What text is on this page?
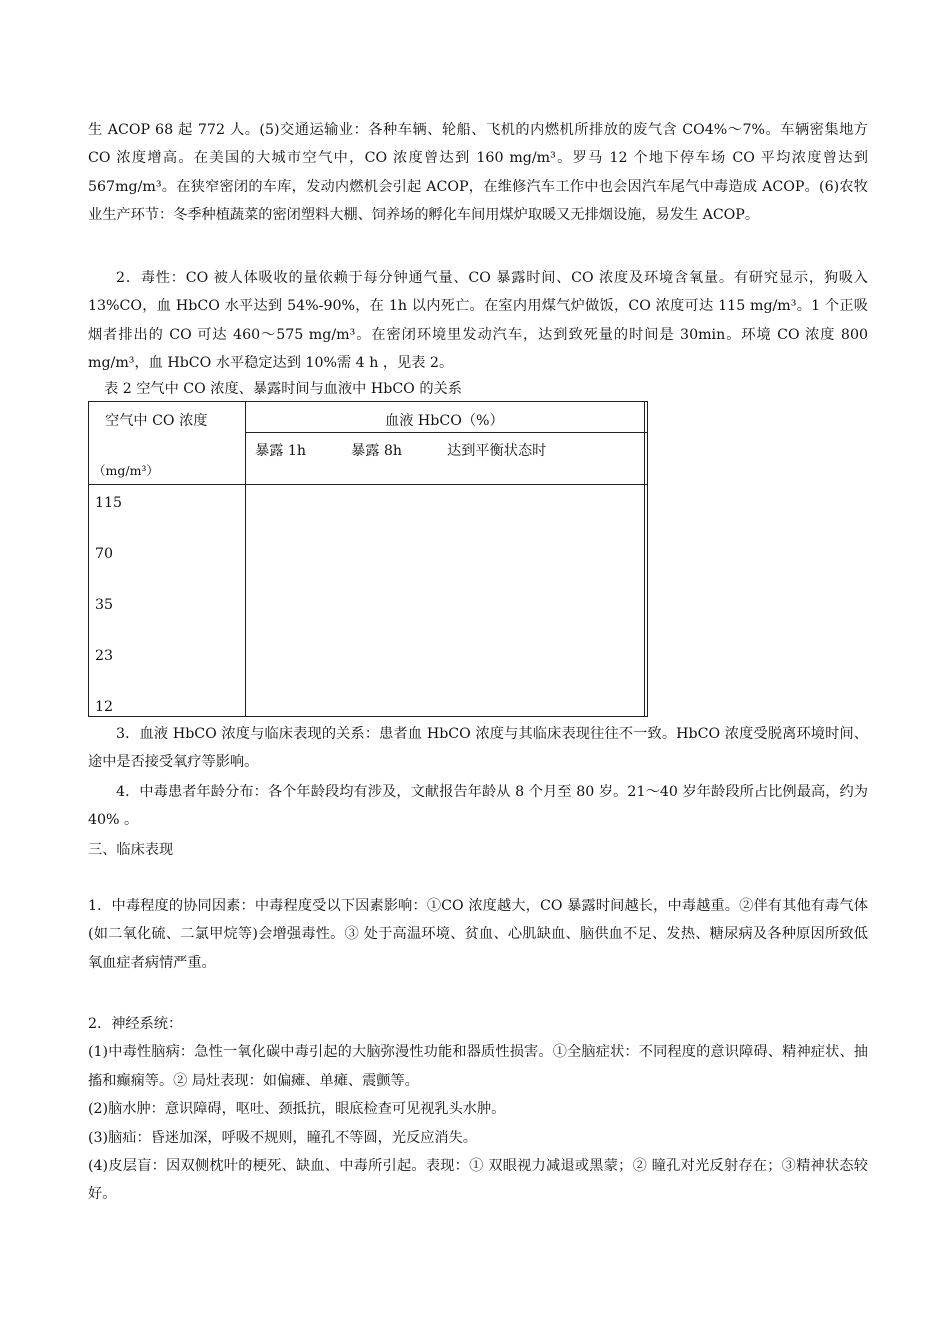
生 ACOP 68 起 772 人。(5)交通运输业：各种车辆、轮船、飞机的内燃机所排放的废气含 CO4%～7%。车辆密集地方 CO 浓度增高。在美国的大城市空气中，CO 浓度曾达到 160 mg/m³。罗马 12 个地下停车场 CO 平均浓度曾达到 567mg/m³。在狭窄密闭的车库，发动内燃机会引起 ACOP，在维修汽车工作中也会因汽车尾气中毒造成 ACOP。(6)农牧业生产环节：冬季种植蔬菜的密闭塑料大棚、饲养场的孵化车间用煤炉取暖又无排烟设施，易发生 ACOP。

2．毒性：CO 被人体吸收的量依赖于每分钟通气量、CO 暴露时间、CO 浓度及环境含氧量。有研究显示，狗吸入 13%CO，血 HbCO 水平达到 54%-90%，在 1h 以内死亡。在室内用煤气炉做饭，CO 浓度可达 115 mg/m³。1 个正吸烟者排出的 CO 可达 460～575 mg/m³。在密闭环境里发动汽车，达到致死量的时间是 30min。环境 CO 浓度 800 mg/m³，血 HbCO 水平稳定达到 10%需 4 h ，见表 2。

表 2 空气中 CO 浓度、暴露时间与血液中 HbCO 的关系
空气中 CO 浓度
（mg/m³）
血液 HbCO（%）
暴露 1h	暴露 8h	达到平衡状态时
115
70
35
23
12

3．血液 HbCO 浓度与临床表现的关系：患者血 HbCO 浓度与其临床表现往往不一致。HbCO 浓度受脱离环境时间、途中是否接受氧疗等影响。

4．中毒患者年龄分布：各个年龄段均有涉及，文献报告年龄从 8 个月至 80 岁。21～40 岁年龄段所占比例最高，约为 40% 。

三、临床表现

1．中毒程度的协同因素：中毒程度受以下因素影响：①CO 浓度越大，CO 暴露时间越长，中毒越重。②伴有其他有毒气体(如二氧化硫、二氯甲烷等)会增强毒性。③ 处于高温环境、贫血、心肌缺血、脑供血不足、发热、糖尿病及各种原因所致低氧血症者病情严重。

2．神经系统：

(1)中毒性脑病：急性一氧化碳中毒引起的大脑弥漫性功能和器质性损害。①全脑症状：不同程度的意识障碍、精神症状、抽搐和癫痫等。② 局灶表现：如偏瘫、单瘫、震颤等。

(2)脑水肿：意识障碍，呕吐、颈抵抗，眼底检查可见视乳头水肿。

(3)脑疝：昏迷加深，呼吸不规则，瞳孔不等圆，光反应消失。

(4)皮层盲：因双侧枕叶的梗死、缺血、中毒所引起。表现：① 双眼视力减退或黑蒙；② 瞳孔对光反射存在；③精神状态较好。
